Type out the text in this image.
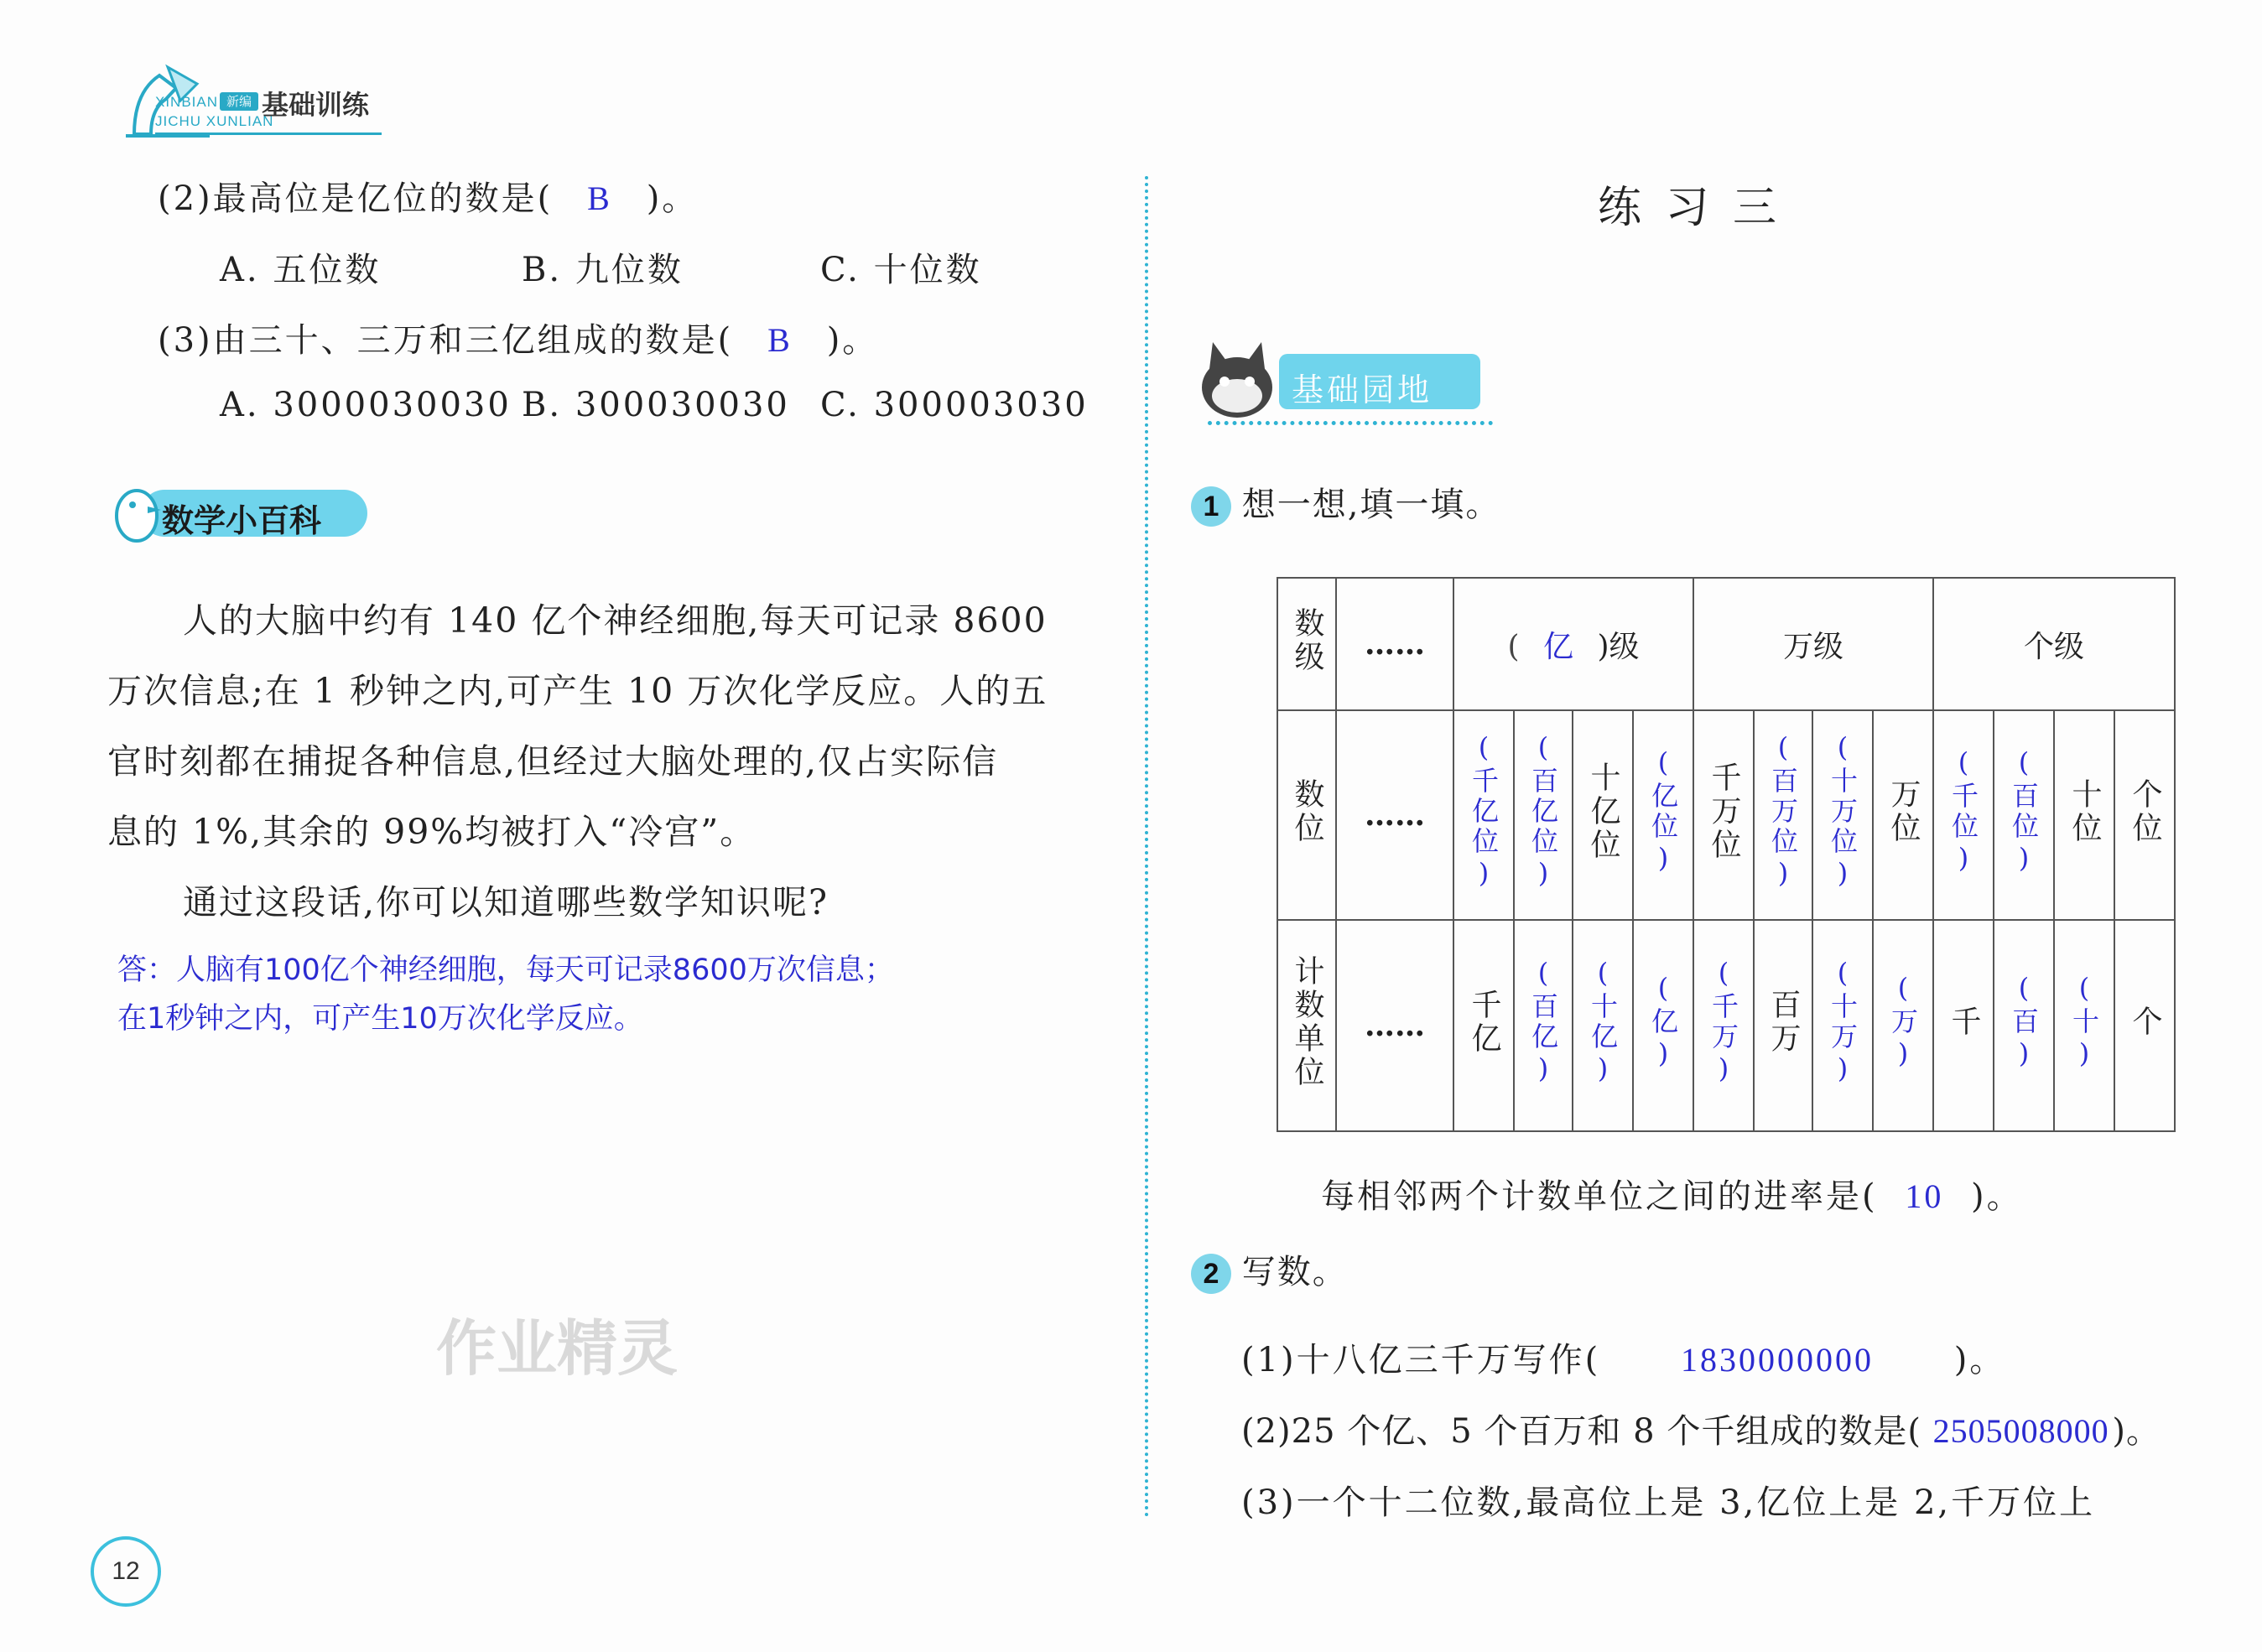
XINBIAN 新编 基础训练
JICHU XUNLIAN
(2)最高位是亿位的数是( B )。
A. 五位数	B. 九位数	C. 十位数
(3)由三十、三万和三亿组成的数是( B )。
A. 3000030030 B. 300030030 C. 300003030
数学小百科
人的大脑中约有 140 亿个神经细胞,每天可记录 8600
万次信息;在 1 秒钟之内,可产生 10 万次化学反应。人的五
官时刻都在捕捉各种信息,但经过大脑处理的,仅占实际信
息的 1%,其余的 99%均被打入“冷宫”。
通过这段话,你可以知道哪些数学知识呢?
答：人脑有100亿个神经细胞，每天可记录8600万次信息；
在1秒钟之内，可产生10万次化学反应。
作业精灵
12
练 习 三
基础园地
1 想一想,填一填。
数级	……	( 亿 )级				万级				个级			
数位	……	(千亿位)	(百亿位)	十亿位	(亿位)	千万位	(百万位)	(十万位)	万位	(千位)	(百位)	十位	个位
计数单位	……	千亿	(百亿)	(十亿)	(亿)	(千万)	百万	(十万)	(万)	千	(百)	(十)	个
每相邻两个计数单位之间的进率是( 10 )。
2 写数。
(1)十八亿三千万写作( 1830000000 )。
(2)25 个亿、5 个百万和 8 个千组成的数是( 2505008000 )。
(3)一个十二位数,最高位上是 3,亿位上是 2,千万位上
